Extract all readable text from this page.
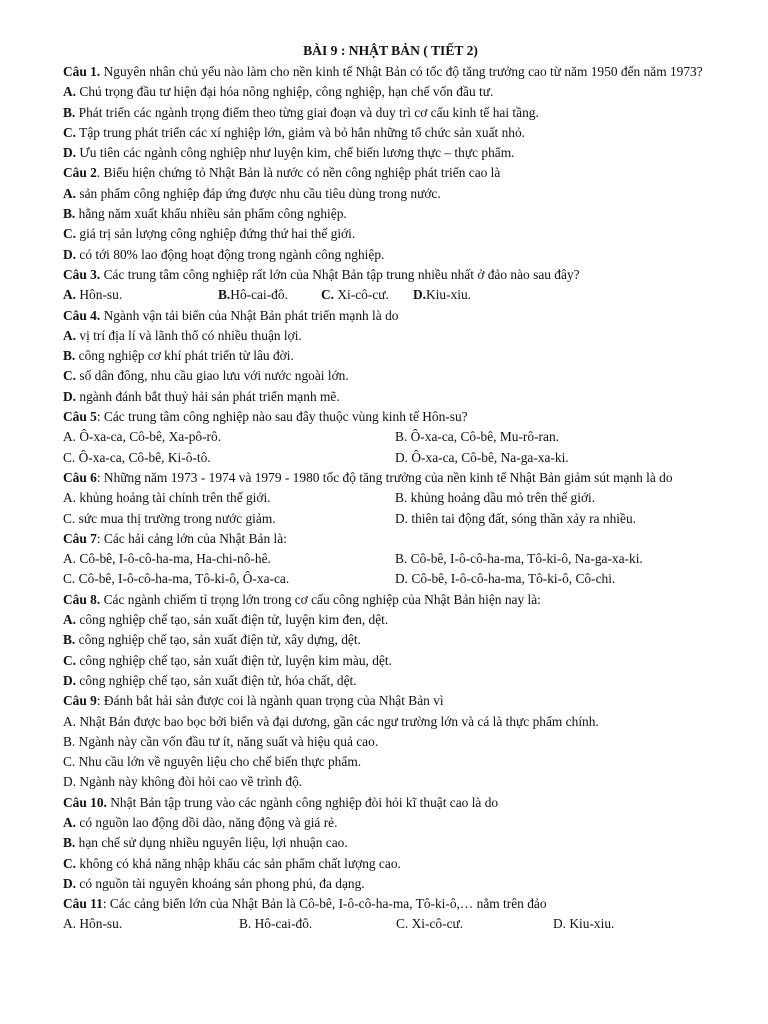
BÀI 9 : NHẬT BẢN ( TIẾT 2)
Câu 1. Nguyên nhân chủ yếu nào làm cho nền kinh tế Nhật Bản có tốc độ tăng trưởng cao từ năm 1950 đến năm 1973?
A. Chú trọng đầu tư hiện đại hóa nông nghiệp, công nghiệp, hạn chế vốn đầu tư.
B. Phát triển các ngành trọng điểm theo từng giai đoạn và duy trì cơ cấu kinh tế hai tầng.
C. Tập trung phát triển các xí nghiệp lớn, giảm và bỏ hẳn những tổ chức sản xuất nhỏ.
D. Ưu tiên các ngành công nghiệp như luyện kim, chế biến lương thực – thực phẩm.
Câu 2. Biểu hiện chứng tỏ Nhật Bản là nước có nền công nghiệp phát triển cao là
A. sản phẩm công nghiệp đáp ứng được nhu cầu tiêu dùng trong nước.
B. hằng năm xuất khẩu nhiều sản phẩm công nghiệp.
C. giá trị sản lượng công nghiệp đứng thứ hai thế giới.
D. có tới 80% lao động hoạt động trong ngành công nghiệp.
Câu 3. Các trung tâm công nghiệp rất lớn của Nhật Bản tập trung nhiều nhất ở đảo nào sau đây?
A. Hôn-su.	B.Hô-cai-đô. C. Xi-cô-cư. D.Kiu-xiu.
Câu 4. Ngành vận tải biển của Nhật Bản phát triển mạnh là do
A. vị trí địa lí và lãnh thổ có nhiều thuận lợi.
B. công nghiệp cơ khí phát triển từ lâu đời.
C. số dân đông, nhu cầu giao lưu với nước ngoài lớn.
D. ngành đánh bắt thuỷ hải sản phát triển mạnh mẽ.
Câu 5: Các trung tâm công nghiệp nào sau đây thuộc vùng kinh tế Hôn-su?
A. Ô-xa-ca, Cô-bê, Xa-pô-rô.	B. Ô-xa-ca, Cô-bê, Mu-rô-ran.
C. Ô-xa-ca, Cô-bê, Ki-ô-tô.	D. Ô-xa-ca, Cô-bê, Na-ga-xa-ki.
Câu 6: Những năm 1973 - 1974 và 1979 - 1980 tốc độ tăng trưởng của nền kinh tế Nhật Bản giảm sút mạnh là do
A. khủng hoảng tài chính trên thế giới.	B. khủng hoảng dầu mỏ trên thế giới.
C. sức mua thị trường trong nước giảm.	D. thiên tai động đất, sóng thần xảy ra nhiều.
Câu 7: Các hải cảng lớn của Nhật Bản là:
A. Cô-bê, I-ô-cô-ha-ma, Ha-chi-nô-hê.	B. Cô-bê, I-ô-cô-ha-ma, Tô-ki-ô, Na-ga-xa-ki.
C. Cô-bê, I-ô-cô-ha-ma, Tô-ki-ô, Ô-xa-ca.	D. Cô-bê, I-ô-cô-ha-ma, Tô-ki-ô, Cô-chi.
Câu 8. Các ngành chiếm tỉ trọng lớn trong cơ cấu công nghiệp của Nhật Bản hiện nay là:
A. công nghiệp chế tạo, sản xuất điện tử, luyện kim đen, dệt.
B. công nghiệp chế tạo, sản xuất điện tử, xây dựng, dệt.
C. công nghiệp chế tạo, sản xuất điện tử, luyện kim màu, dệt.
D. công nghiệp chế tạo, sản xuất điện tử, hóa chất, dệt.
Câu 9: Đánh bắt hải sản được coi là ngành quan trọng của Nhật Bản vì
A. Nhật Bản được bao bọc bởi biển và đại dương, gần các ngư trường lớn và cá là thực phẩm chính.
B. Ngành này cần vốn đầu tư ít, năng suất và hiệu quả cao.
C. Nhu cầu lớn về nguyên liệu cho chế biến thực phẩm.
D. Ngành này không đòi hỏi cao về trình độ.
Câu 10. Nhật Bản tập trung vào các ngành công nghiệp đòi hỏi kĩ thuật cao là do
A. có nguồn lao động dồi dào, năng động và giá rẻ.
B. hạn chế sử dụng nhiều nguyên liệu, lợi nhuận cao.
C. không có khả năng nhập khẩu các sản phẩm chất lượng cao.
D. có nguồn tài nguyên khoáng sản phong phú, đa dạng.
Câu 11: Các cảng biển lớn của Nhật Bản là Cô-bê, I-ô-cô-ha-ma, Tô-ki-ô,… nằm trên đảo
A. Hôn-su.	B. Hô-cai-đô.	C. Xi-cô-cư.	D. Kiu-xiu.
